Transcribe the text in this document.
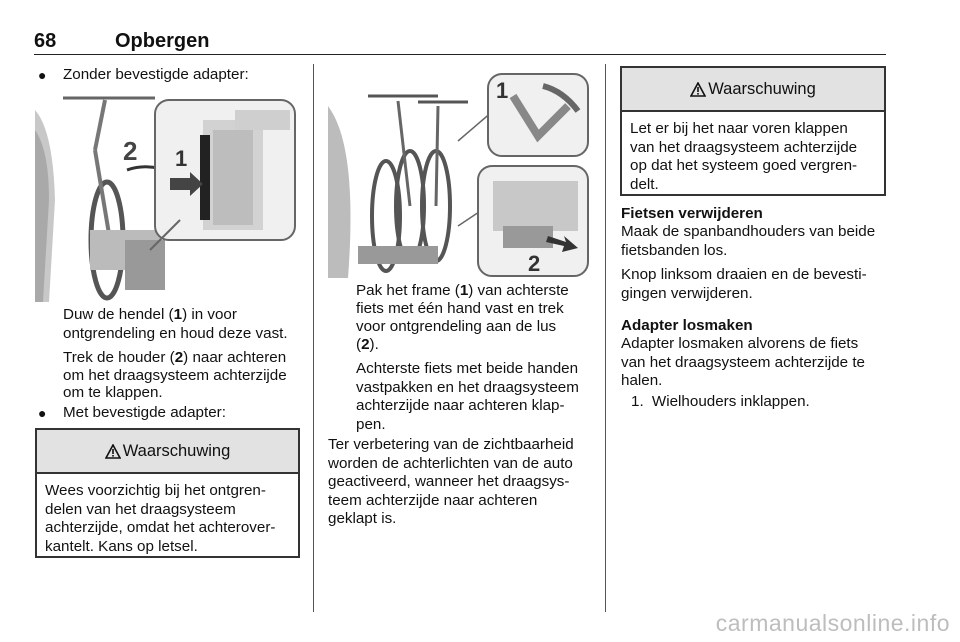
68	Opbergen
● Zonder bevestigde adapter:
2 1
Duw de hendel (1) in voor
ontgrendeling en houd deze vast.
Trek de houder (2) naar achteren
om het draagsysteem achterzijde
om te klappen.
● Met bevestigde adapter:
Waarschuwing
Wees voorzichtig bij het ontgren-
delen van het draagsysteem
achterzijde, omdat het achterover-
kantelt. Kans op letsel.
1
2
Pak het frame (1) van achterste
fiets met één hand vast en trek
voor ontgrendeling aan de lus
(2).
Achterste fiets met beide handen
vastpakken en het draagsysteem
achterzijde naar achteren klap-
pen.
Ter verbetering van de zichtbaarheid
worden de achterlichten van de auto
geactiveerd, wanneer het draagsys-
teem achterzijde naar achteren
geklapt is.
Waarschuwing
Let er bij het naar voren klappen
van het draagsysteem achterzijde
op dat het systeem goed vergren-
delt.
Fietsen verwijderen
Maak de spanbandhouders van beide
fietsbanden los.
Knop linksom draaien en de bevesti-
gingen verwijderen.
Adapter losmaken
Adapter losmaken alvorens de fiets
van het draagsysteem achterzijde te
halen.
1. Wielhouders inklappen.
carmanualsonline.info
